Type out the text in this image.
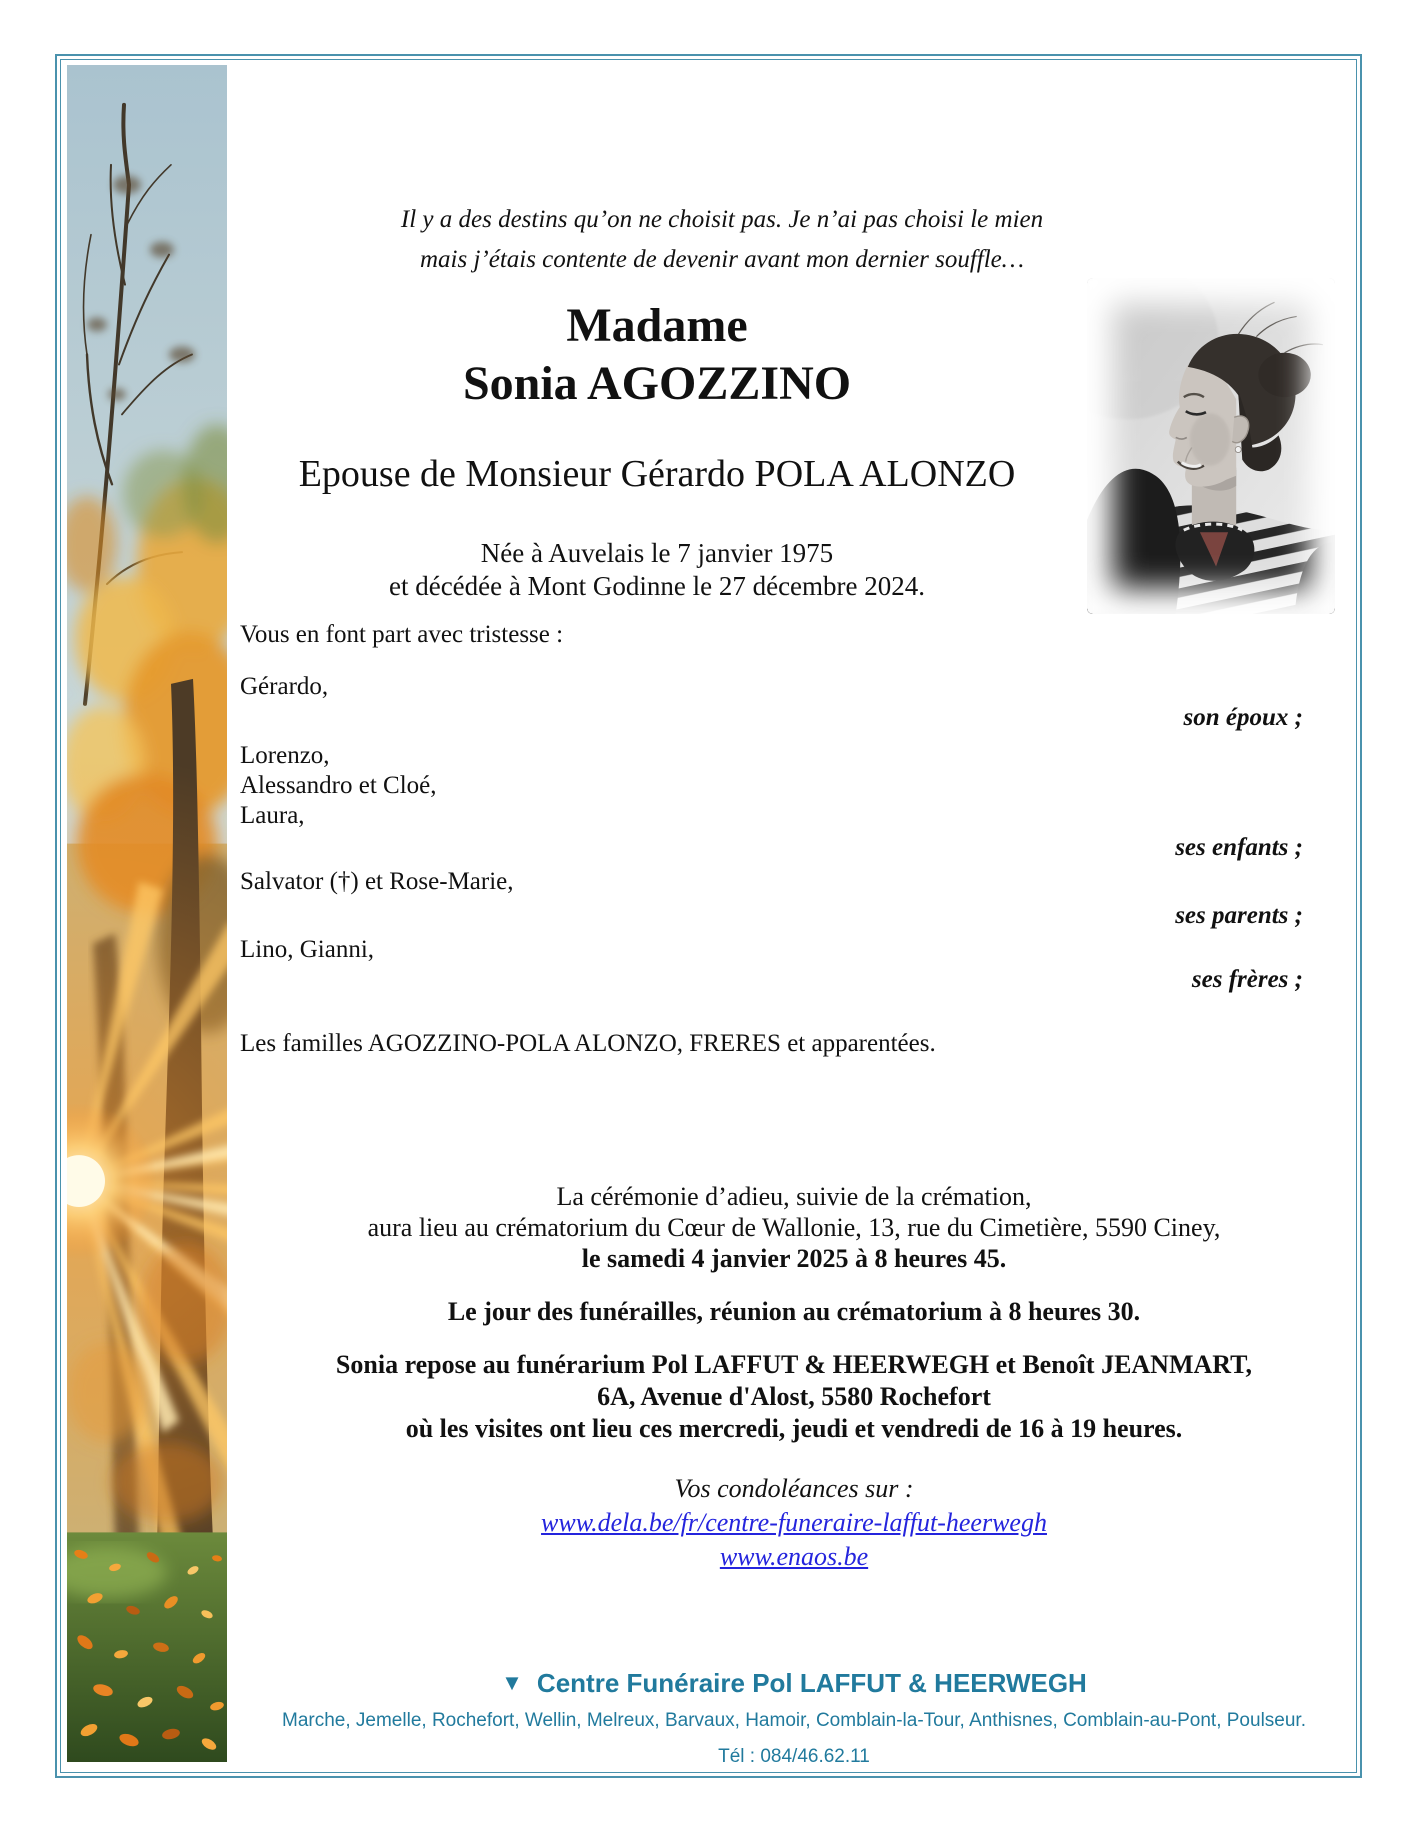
Il y a des destins qu’on ne choisit pas. Je n’ai pas choisi le mien
mais j’étais contente de devenir avant mon dernier souffle…
Madame
Sonia AGOZZINO
Epouse de Monsieur Gérardo POLA ALONZO
Née à Auvelais le 7 janvier 1975
et décédée à Mont Godinne le 27 décembre 2024.
Vous en font part avec tristesse :
Gérardo,
son époux ;
Lorenzo,
Alessandro et Cloé,
Laura,
ses enfants ;
Salvator (†) et Rose-Marie,
ses parents ;
Lino, Gianni,
ses frères ;
Les familles AGOZZINO-POLA ALONZO, FRERES et apparentées.
La cérémonie d’adieu, suivie de la crémation,
aura lieu au crématorium du Cœur de Wallonie, 13, rue du Cimetière, 5590 Ciney,
le samedi 4 janvier 2025 à 8 heures 45.
Le jour des funérailles, réunion au crématorium à 8 heures 30.
Sonia repose au funérarium Pol LAFFUT & HEERWEGH et Benoît JEANMART,
6A, Avenue d'Alost, 5580 Rochefort
où les visites ont lieu ces mercredi, jeudi et vendredi de 16 à 19 heures.
Vos condoléances sur :
www.dela.be/fr/centre-funeraire-laffut-heerwegh
www.enaos.be
▼ Centre Funéraire Pol LAFFUT & HEERWEGH
Marche, Jemelle, Rochefort, Wellin, Melreux, Barvaux, Hamoir, Comblain-la-Tour, Anthisnes, Comblain-au-Pont, Poulseur.
Tél : 084/46.62.11
